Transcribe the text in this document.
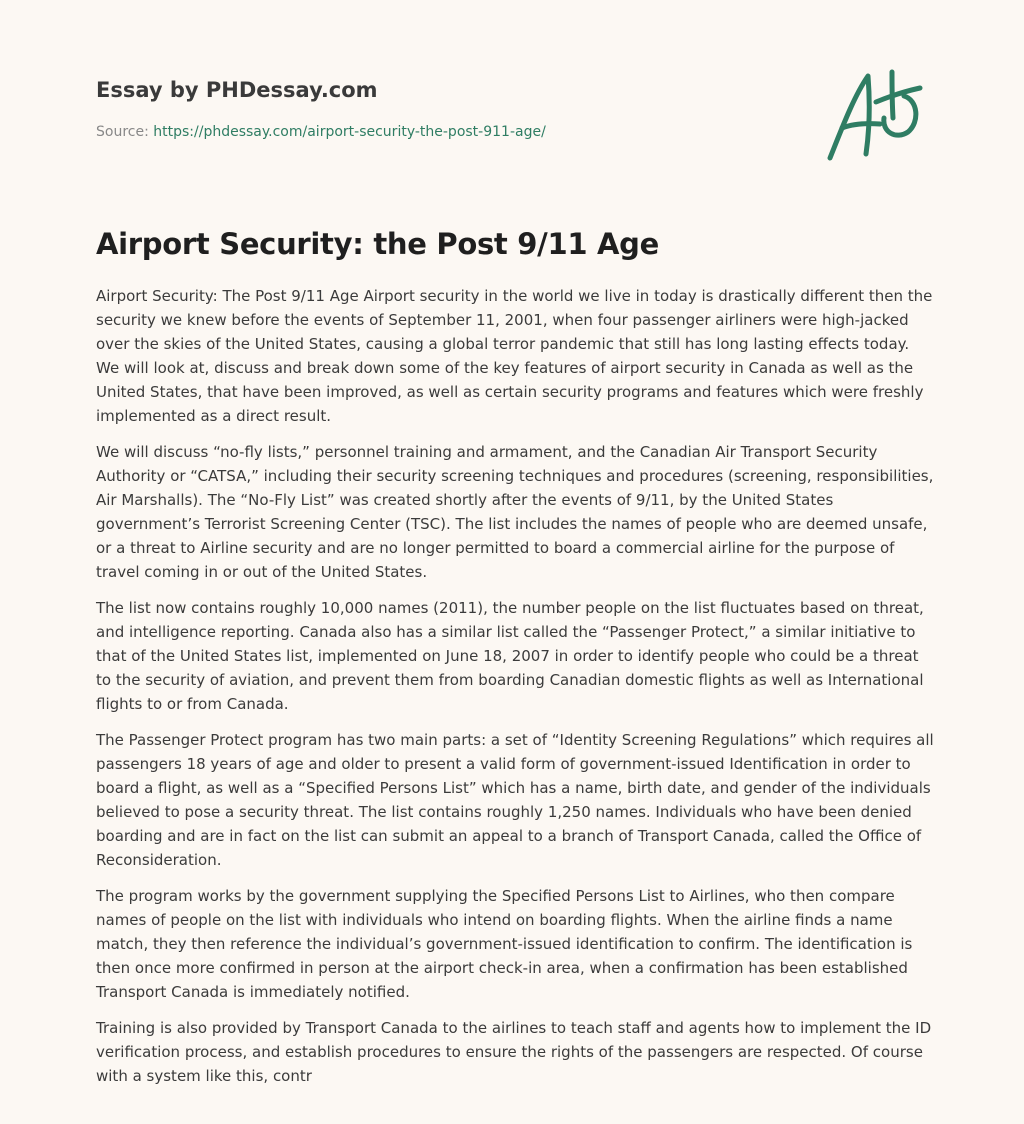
Essay by PHDessay.com
Source: https://phdessay.com/airport-security-the-post-911-age/
Airport Security: the Post 9/11 Age

Airport Security: The Post 9/11 Age Airport security in the world we live in today is drastically different then the security we knew before the events of September 11, 2001, when four passenger airliners were high-jacked over the skies of the United States, causing a global terror pandemic that still has long lasting effects today. We will look at, discuss and break down some of the key features of airport security in Canada as well as the United States, that have been improved, as well as certain security programs and features which were freshly implemented as a direct result.

We will discuss “no-fly lists,” personnel training and armament, and the Canadian Air Transport Security Authority or “CATSA,” including their security screening techniques and procedures (screening, responsibilities, Air Marshalls). The “No-Fly List” was created shortly after the events of 9/11, by the United States government’s Terrorist Screening Center (TSC). The list includes the names of people who are deemed unsafe, or a threat to Airline security and are no longer permitted to board a commercial airline for the purpose of travel coming in or out of the United States.

The list now contains roughly 10,000 names (2011), the number people on the list fluctuates based on threat, and intelligence reporting. Canada also has a similar list called the “Passenger Protect,” a similar initiative to that of the United States list, implemented on June 18, 2007 in order to identify people who could be a threat to the security of aviation, and prevent them from boarding Canadian domestic flights as well as International flights to or from Canada.

The Passenger Protect program has two main parts: a set of “Identity Screening Regulations” which requires all passengers 18 years of age and older to present a valid form of government-issued Identification in order to board a flight, as well as a “Specified Persons List” which has a name, birth date, and gender of the individuals believed to pose a security threat. The list contains roughly 1,250 names. Individuals who have been denied boarding and are in fact on the list can submit an appeal to a branch of Transport Canada, called the Office of Reconsideration.

The program works by the government supplying the Specified Persons List to Airlines, who then compare names of people on the list with individuals who intend on boarding flights. When the airline finds a name match, they then reference the individual’s government-issued identification to confirm. The identification is then once more confirmed in person at the airport check-in area, when a confirmation has been established Transport Canada is immediately notified.

Training is also provided by Transport Canada to the airlines to teach staff and agents how to implement the ID verification process, and establish procedures to ensure the rights of the passengers are respected. Of course with a system like this, contr
